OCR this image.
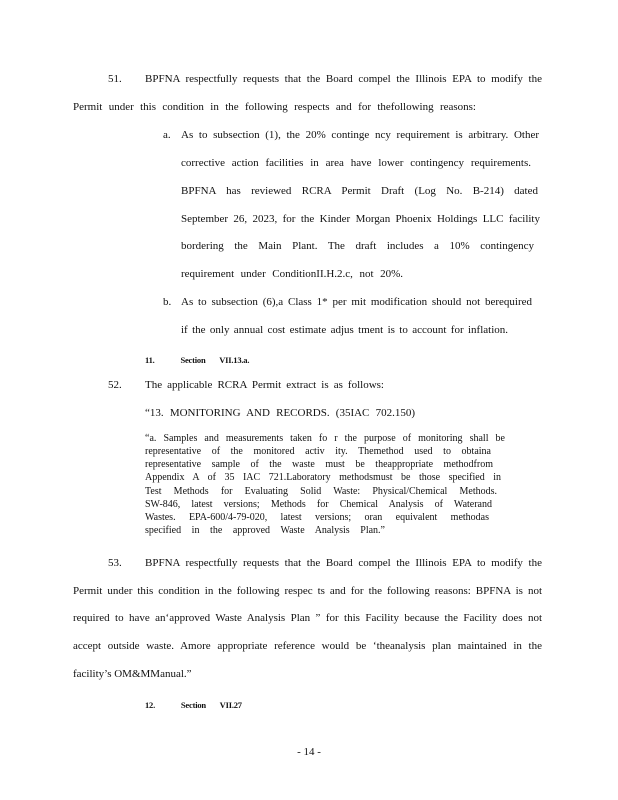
51. BPFNA respectfully requests that the Board compel the Illinois EPA to modify the
Permit under this condition in the following respects and for thefollowing reasons:
a. As to subsection (1), the 20% continge ncy requirement is arbitrary. Other
corrective action facilities in area have lower contingency requirements.
BPFNA has reviewed RCRA Permit Draft (Log No. B-214) dated
September 26, 2023, for the Kinder Morgan Phoenix Holdings LLC facility
bordering the Main Plant. The draft includes a 10% contingency
requirement under ConditionII.H.2.c, not 20%.
b. As to subsection (6),a Class 1* per mit modification should not berequired
if the only annual cost estimate adjus tment is to account for inflation.
11.	Section VII.13.a.
52. The applicable RCRA Permit extract is as follows:
“13. MONITORING AND RECORDS. (35IAC 702.150)
“a. Samples and measurements taken fo r the purpose of monitoring shall be
representative of the monitored activ ity. Themethod used to obtaina
representative sample of the waste must be theappropriate methodfrom
Appendix A of 35 IAC 721.Laboratory methodsmust be those specified in
Test Methods for Evaluating Solid Waste: Physical/Chemical Methods.
SW-846, latest versions; Methods for Chemical Analysis of Waterand
Wastes. EPA-600/4-79-020, latest versions; oran equivalent methodas
specified in the approved Waste Analysis Plan.”
53. BPFNA respectfully requests that the Board compel the Illinois EPA to modify the
Permit under this condition in the following respec ts and for the following reasons: BPFNA is not
required to have an‘approved Waste Analysis Plan ” for this Facility because the Facility does not
accept outside waste. Amore appropriate reference would be ‘theanalysis plan maintained in the
facility’s OM&MManual.”
12.	Section VII.27
- 14 -
